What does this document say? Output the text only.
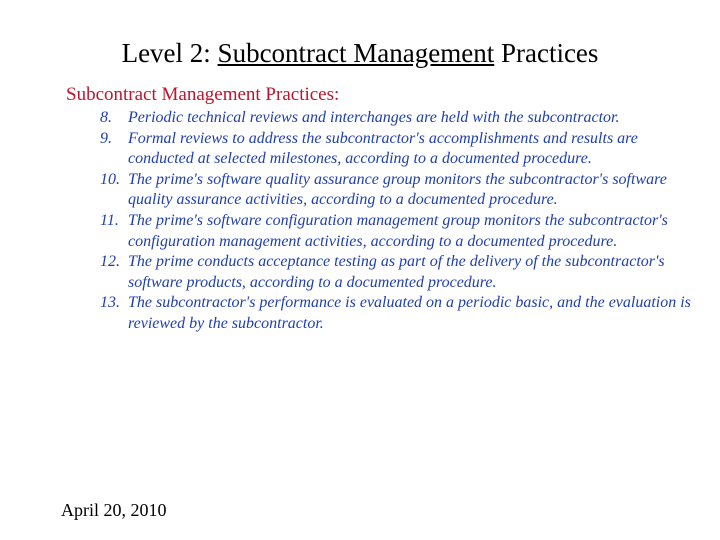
Level 2: Subcontract Management Practices
Subcontract Management Practices:
8.	Periodic technical reviews and interchanges are held with the subcontractor.
9.	Formal reviews to address the subcontractor's accomplishments and results are conducted at selected milestones, according to a documented procedure.
10. The prime's software quality assurance group monitors the subcontractor's software quality assurance activities, according to a documented procedure.
11. The prime's software configuration management group monitors the subcontractor's configuration management activities, according to a documented procedure.
12. The prime conducts acceptance testing as part of the delivery of the subcontractor's software products, according to a documented procedure.
13. The subcontractor's performance is evaluated on a periodic basic, and the evaluation is reviewed by the subcontractor.
April 20, 2010
